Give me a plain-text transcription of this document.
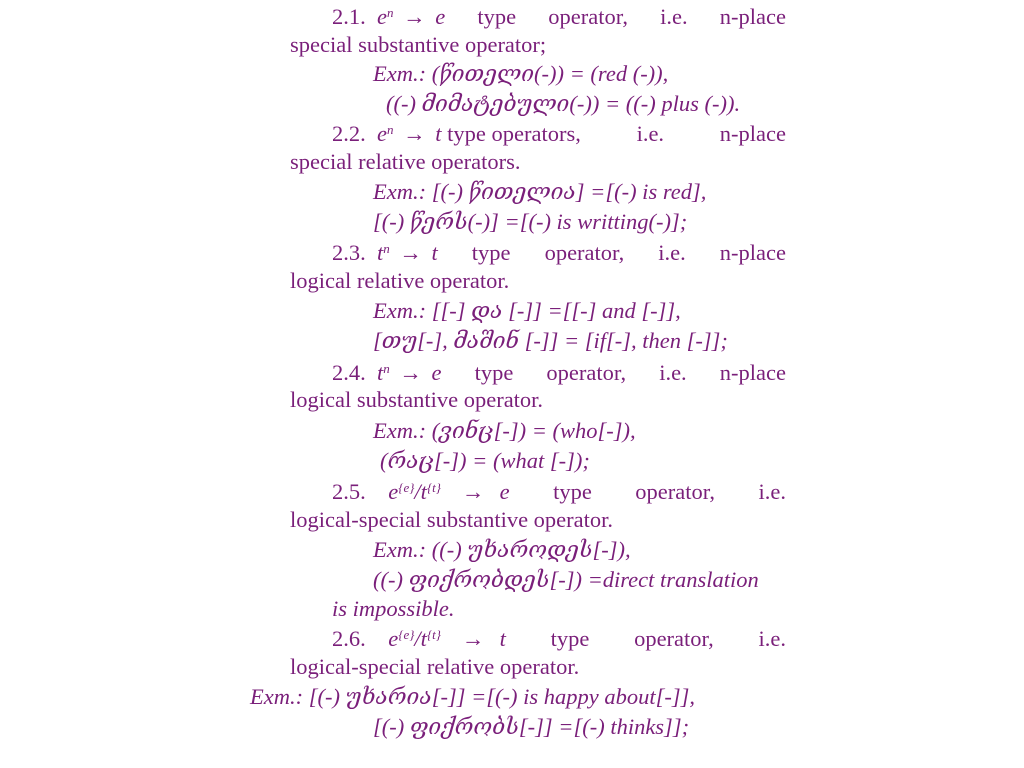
2.1. $e^n \to e$ type operator, i.e. n-place
special substantive operator;
Exm.: (წითელი(-)) = (red (-)),
((-) მიმატებული(-)) = ((-) plus (-)).
2.2. $e^n \to t$ type operators, i.e. n-place
special relative operators.
Exm.: [(-) წითელია] =[(-) is red],
[(-) წერს(-)] =[(-) is writting(-)];
2.3. $t^n \to t$ type operator, i.e. n-place
logical relative operator.
Exm.: [[-] და [-]] =[[-] and [-]],
[თუ[-], მაშინ [-]] = [if[-], then [-]];
2.4. $t^n \to e$ type operator, i.e. n-place
logical substantive operator.
Exm.: (ვინც[-]) = (who[-]),
(რაც[-]) = (what [-]);
2.5. $e^{\{e\}}/t^{\{t\}} \to e$ type operator, i.e.
logical-special substantive operator.
Exm.: ((-) უხაროდეს[-]),
((-) ფიქრობდეს[-]) =direct translation
is impossible.
2.6. $e^{\{e\}}/t^{\{t\}} \to t$ type operator, i.e.
logical-special relative operator.
Exm.: [(-) უხარია[-]] =[(-) is happy about[-]],
[(-) ფიქრობს[-]] =[(-) thinks]];
